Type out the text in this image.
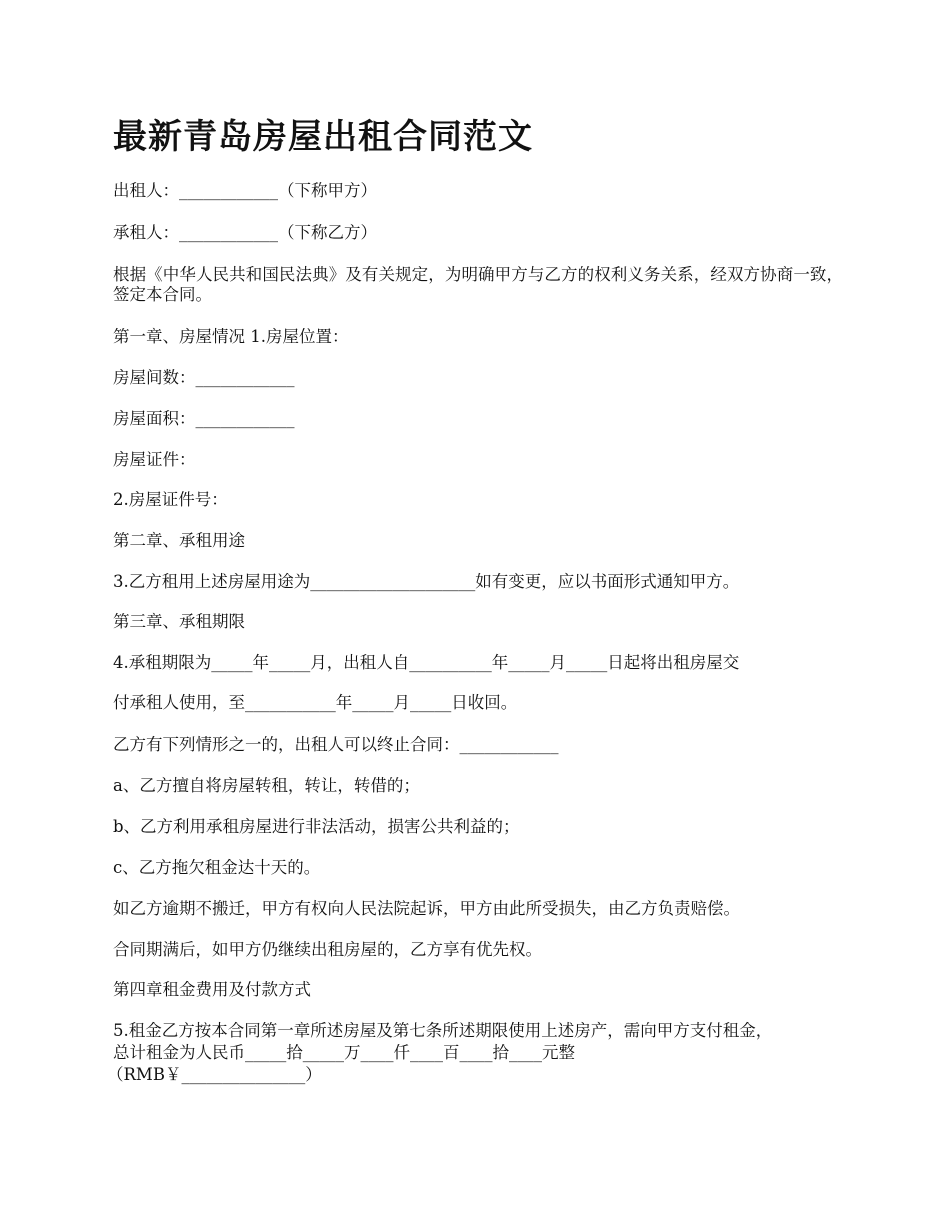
最新青岛房屋出租合同范文

出租人：____________（下称甲方）

承租人：____________（下称乙方）

根据《中华人民共和国民法典》及有关规定，为明确甲方与乙方的权利义务关系，经双方协商一致，签定本合同。

第一章、房屋情况 1.房屋位置：

房屋间数：____________

房屋面积：____________

房屋证件：

2.房屋证件号：

第二章、承租用途

3.乙方租用上述房屋用途为____________________如有变更，应以书面形式通知甲方。

第三章、承租期限

4.承租期限为_____年_____月，出租人自__________年_____月_____日起将出租房屋交

付承租人使用，至___________年_____月_____日收回。

乙方有下列情形之一的，出租人可以终止合同：____________

a、乙方擅自将房屋转租，转让，转借的；

b、乙方利用承租房屋进行非法活动，损害公共利益的；

c、乙方拖欠租金达十天的。

如乙方逾期不搬迁，甲方有权向人民法院起诉，甲方由此所受损失，由乙方负责赔偿。

合同期满后，如甲方仍继续出租房屋的，乙方享有优先权。

第四章租金费用及付款方式

5.租金乙方按本合同第一章所述房屋及第七条所述期限使用上述房产，需向甲方支付租金，

总计租金为人民币_____拾_____万____仟____百____拾____元整

（RMB￥_______________）
